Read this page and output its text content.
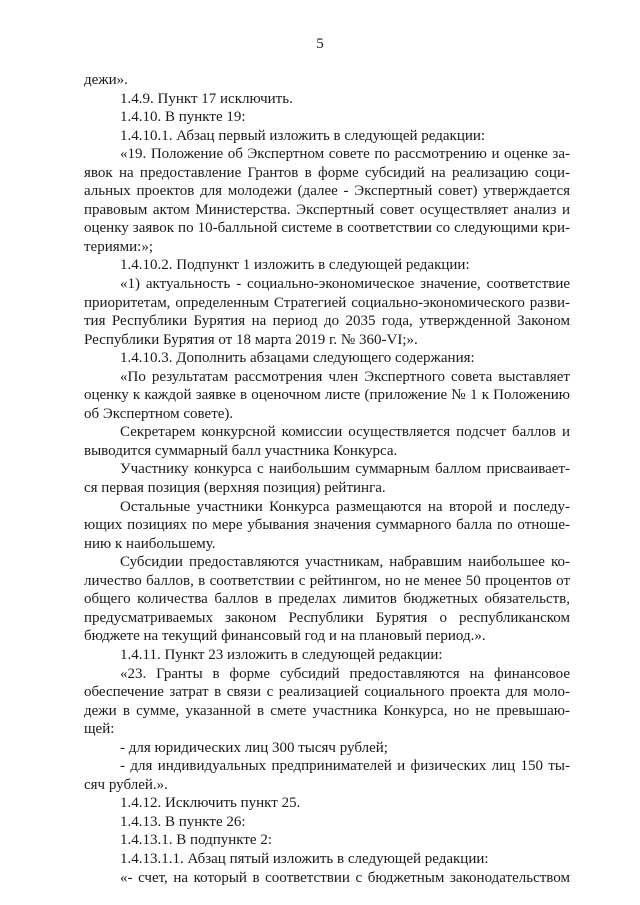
5
дежи».
1.4.9. Пункт 17 исключить.
1.4.10. В пункте 19:
1.4.10.1. Абзац первый изложить в следующей редакции:
«19. Положение об Экспертном совете по рассмотрению и оценке за-
явок на предоставление Грантов в форме субсидий на реализацию соци-
альных проектов для молодежи (далее - Экспертный совет) утверждается
правовым актом Министерства. Экспертный совет осуществляет анализ и
оценку заявок по 10-балльной системе в соответствии со следующими кри-
териями:»;
1.4.10.2. Подпункт 1 изложить в следующей редакции:
«1) актуальность - социально-экономическое значение, соответствие
приоритетам, определенным Стратегией социально-экономического разви-
тия Республики Бурятия на период до 2035 года, утвержденной Законом
Республики Бурятия от 18 марта 2019 г. № 360-VI;».
1.4.10.3. Дополнить абзацами следующего содержания:
«По результатам рассмотрения член Экспертного совета выставляет
оценку к каждой заявке в оценочном листе (приложение № 1 к Положению
об Экспертном совете).
Секретарем конкурсной комиссии осуществляется подсчет баллов и
выводится суммарный балл участника Конкурса.
Участнику конкурса с наибольшим суммарным баллом присваивает-
ся первая позиция (верхняя позиция) рейтинга.
Остальные участники Конкурса размещаются на второй и последу-
ющих позициях по мере убывания значения суммарного балла по отноше-
нию к наибольшему.
Субсидии предоставляются участникам, набравшим наибольшее ко-
личество баллов, в соответствии с рейтингом, но не менее 50 процентов от
общего количества баллов в пределах лимитов бюджетных обязательств,
предусматриваемых законом Республики Бурятия о республиканском
бюджете на текущий финансовый год и на плановый период.».
1.4.11. Пункт 23 изложить в следующей редакции:
«23. Гранты в форме субсидий предоставляются на финансовое
обеспечение затрат в связи с реализацией социального проекта для моло-
дежи в сумме, указанной в смете участника Конкурса, но не превышаю-
щей:
- для юридических лиц 300 тысяч рублей;
- для индивидуальных предпринимателей и физических лиц 150 ты-
сяч рублей.».
1.4.12. Исключить пункт 25.
1.4.13. В пункте 26:
1.4.13.1. В подпункте 2:
1.4.13.1.1. Абзац пятый изложить в следующей редакции:
«- счет, на который в соответствии с бюджетным законодательством
